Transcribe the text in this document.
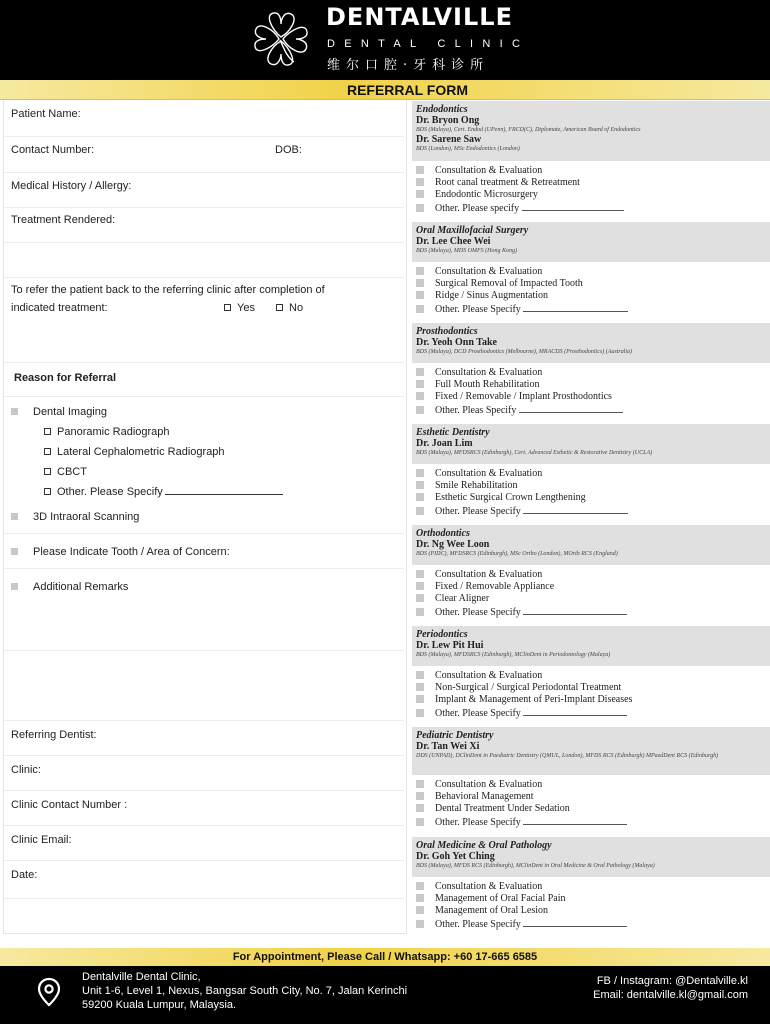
DENTALVILLE
DENTAL CLINIC
维尔口腔·牙科诊所
REFERRAL FORM
Patient Name:
Contact Number:	DOB:
Medical History / Allergy:
Treatment Rendered:
To refer the patient back to the referring clinic after completion of
indicated treatment:	Yes	No
Reason for Referral
Dental Imaging
Panoramic Radiograph
Lateral Cephalometric Radiograph
CBCT
Other. Please Specify
3D Intraoral Scanning
Please Indicate Tooth / Area of Concern:
Additional Remarks
Referring Dentist:
Clinic:
Clinic Contact Number :
Clinic Email:
Date:
Endodontics
Dr. Bryon Ong
BDS (Malaya), Cert. Endod (UPenn), FRCD(C), Diplomate, American Board of Endodontics
Dr. Sarene Saw
BDS (London), MSc Endodontics (London)
Consultation & Evaluation
Root canal treatment & Retreatment
Endodontic Microsurgery
Other. Please specify
Oral Maxillofacial Surgery
Dr. Lee Chee Wei
BDS (Malaya), MDS OMFS (Hong Kong)
Consultation & Evaluation
Surgical Removal of Impacted Tooth
Ridge / Sinus Augmentation
Other. Please Specify
Prosthodontics
Dr. Yeoh Onn Take
BDS (Malaya), DCD Prosthodontics (Melbourne), MRACDS (Prosthodontics) (Australia)
Consultation & Evaluation
Full Mouth Rehabilitation
Fixed / Removable / Implant Prosthodontics
Other. Pleas Specify
Esthetic Dentistry
Dr. Joan Lim
BDS (Malaya), MFDSRCS (Edinburgh), Cert. Advanced Esthetic & Restorative Dentistry (UCLA)
Consultation & Evaluation
Smile Rehabilitation
Esthetic Surgical Crown Lengthening
Other. Please Specify
Orthodontics
Dr. Ng Wee Loon
BDS (PIDC), MFDSRCS (Edinburgh), MSc Ortho (London), MOrth RCS (England)
Consultation & Evaluation
Fixed / Removable Appliance
Clear Aligner
Other. Please Specify
Periodontics
Dr. Lew Pit Hui
BDS (Malaya), MFDSRCS (Edinburgh), MClinDent in Periodontology (Malaya)
Consultation & Evaluation
Non-Surgical / Surgical Periodontal Treatment
Implant & Management of Peri-Implant Diseases
Other. Please Specify
Pediatric Dentistry
Dr. Tan Wei Xi
DDS (UNPAD), DClinDent in Paediatric Dentistry (QMUL, London), MFDS RCS (Edinburgh) MPaedDent RCS (Edinburgh)
Consultation & Evaluation
Behavioral Management
Dental Treatment Under Sedation
Other. Please Specify
Oral Medicine & Oral Pathology
Dr. Goh Yet Ching
BDS (Malaya), MFDS RCS (Edinburgh), MClinDent in Oral Medicine & Oral Pathology (Malaya)
Consultation & Evaluation
Management of Oral Facial Pain
Management of Oral Lesion
Other. Please Specify
For Appointment, Please Call / Whatsapp: +60 17-665 6585
Dentalville Dental Clinic,
Unit 1-6, Level 1, Nexus, Bangsar South City, No. 7, Jalan Kerinchi
59200 Kuala Lumpur, Malaysia.
FB / Instagram: @Dentalville.kl
Email: dentalville.kl@gmail.com
